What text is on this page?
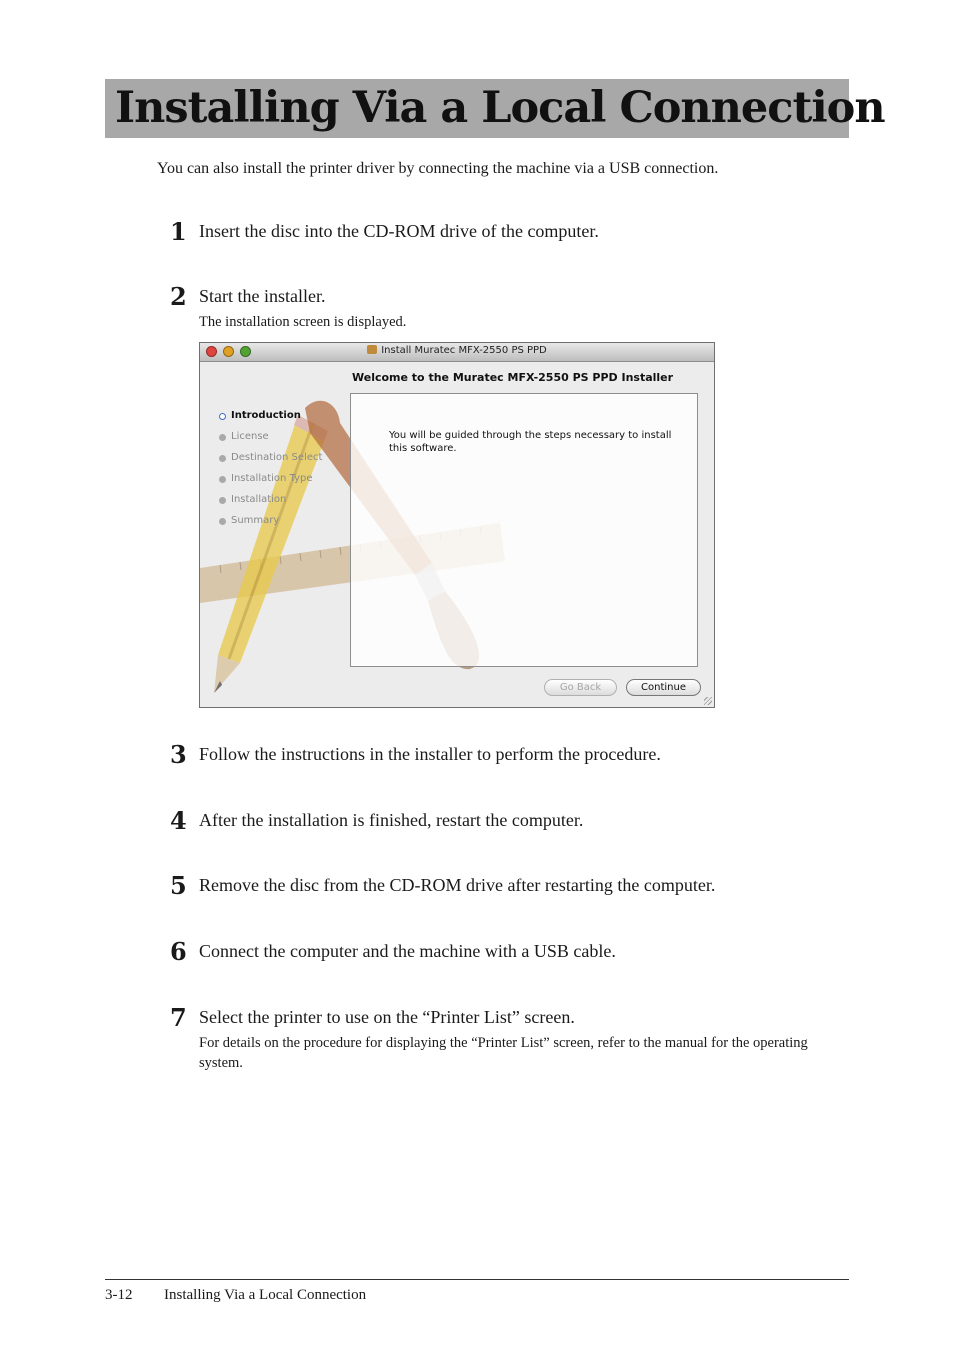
Installing Via a Local Connection
You can also install the printer driver by connecting the machine via a USB connection.
1 Insert the disc into the CD-ROM drive of the computer.
2 Start the installer.
The installation screen is displayed.
Install Muratec MFX-2550 PS PPD
Welcome to the Muratec MFX-2550 PS PPD Installer
Introduction
License
Destination Select
Installation Type
Installation
Summary
You will be guided through the steps necessary to install this software.
Go Back	Continue
3 Follow the instructions in the installer to perform the procedure.
4 After the installation is finished, restart the computer.
5 Remove the disc from the CD-ROM drive after restarting the computer.
6 Connect the computer and the machine with a USB cable.
7 Select the printer to use on the “Printer List” screen.
For details on the procedure for displaying the “Printer List” screen, refer to the manual for the operating system.
3-12 Installing Via a Local Connection
